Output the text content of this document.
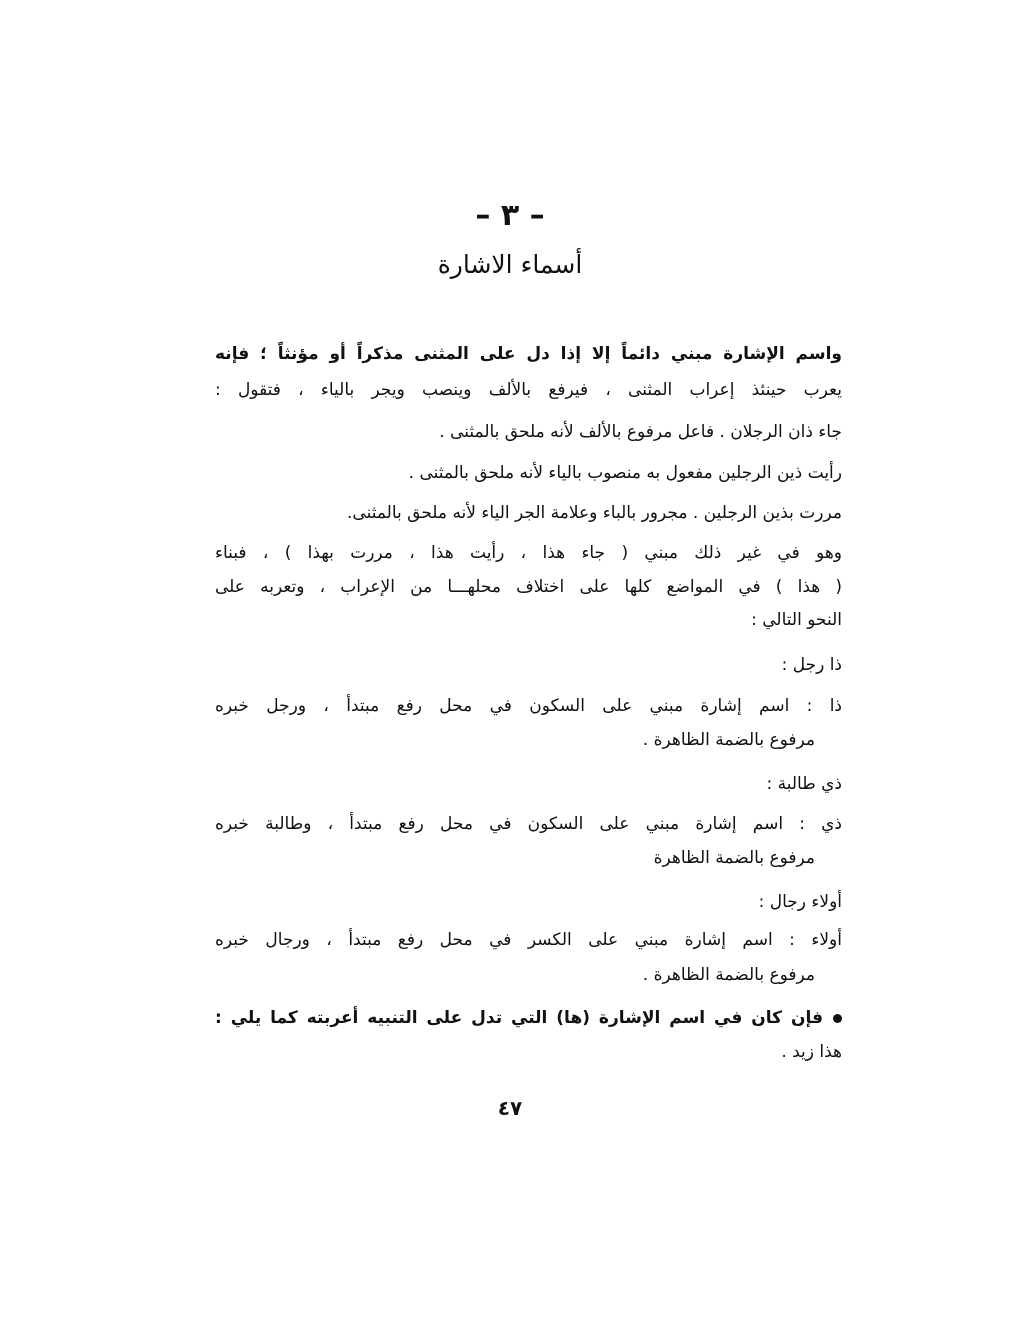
– ٣ –
أسماء الاشارة
واسم الإشارة مبني دائماً إلا إذا دل على المثنى مذكراً أو مؤنثاً ؛ فإنه
يعرب حينئذ إعراب المثنى ، فيرفع بالألف وينصب ويجر بالياء ، فتقول :
جاء ذان الرجلان . فاعل مرفوع بالألف لأنه ملحق بالمثنى .
رأيت ذين الرجلين مفعول به منصوب بالياء لأنه ملحق بالمثنى .
مررت بذين الرجلين . مجرور بالباء وعلامة الجر الياء لأنه ملحق بالمثنى.
وهو في غير ذلك مبني ( جاء هذا ، رأيت هذا ، مررت بهذا ) ، فبناء
( هذا ) في المواضع كلها على اختلاف محلهـــا من الإعراب ، وتعربه على
النحو التالي :
ذا رجل :
ذا : اسم إشارة مبني على السكون في محل رفع مبتدأ ، ورجل خبره
مرفوع بالضمة الظاهرة .
ذي طالبة :
ذي : اسم إشارة مبني على السكون في محل رفع مبتدأ ، وطالبة خبره
مرفوع بالضمة الظاهرة
أولاء رجال :
أولاء : اسم إشارة مبني على الكسر في محل رفع مبتدأ ، ورجال خبره
مرفوع بالضمة الظاهرة .
فإن كان في اسم الإشارة (ها) التي تدل على التنبيه أعربته كما يلي :
هذا زيد .
٤٧
